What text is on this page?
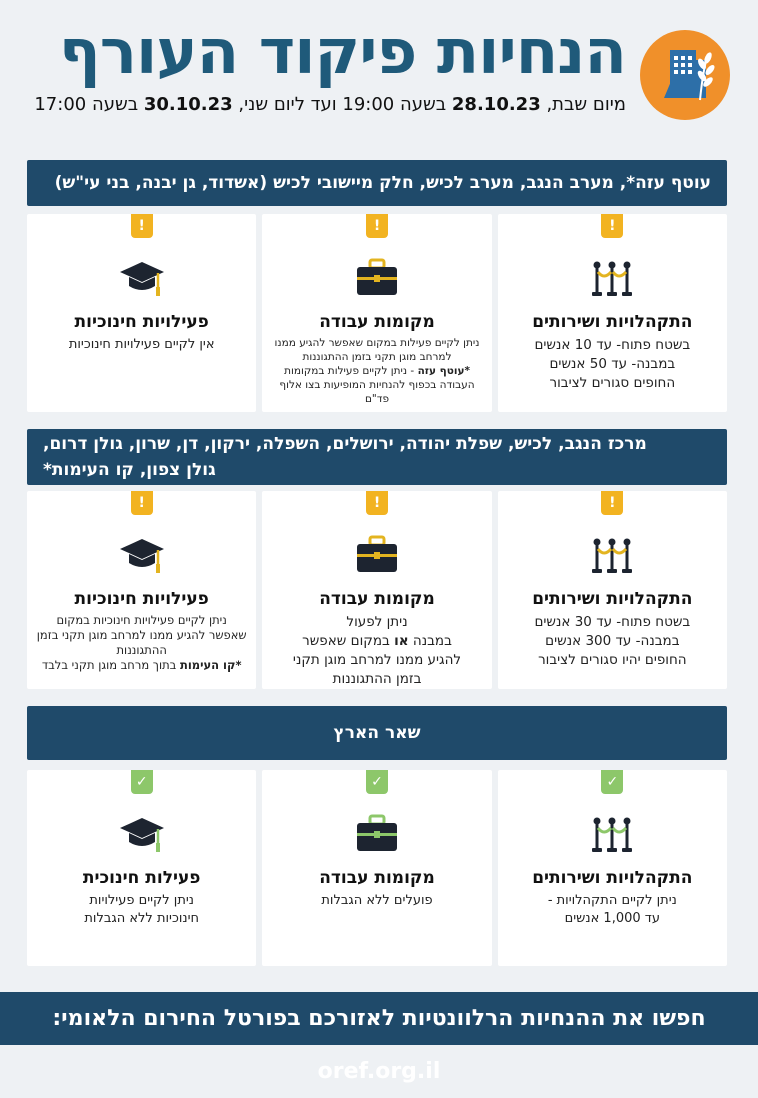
הנחיות פיקוד העורף
מיום שבת, 28.10.23 בשעה 19:00 ועד ליום שני, 30.10.23 בשעה 17:00
עוטף עזה*, מערב הנגב, מערב לכיש, חלק מיישובי לכיש (אשדוד, גן יבנה, בני עי"ש)
!
התקהלויות ושירותים
בשטח פתוח- עד 10 אנשים
במבנה- עד 50 אנשים
החופים סגורים לציבור
!
מקומות עבודה
ניתן לקיים פעילות במקום שאפשר להגיע ממנו
למרחב מוגן תקני בזמן ההתגוננות
*עוטף עזה - ניתן לקיים פעילות במקומות
העבודה בכפוף להנחיות המופיעות בצו אלוף פד"ם
!
פעילויות חינוכיות
אין לקיים פעילויות חינוכיות
מרכז הנגב, לכיש, שפלת יהודה, ירושלים, השפלה, ירקון, דן, שרון, גולן דרום,
גולן צפון, קו העימות*
!
התקהלויות ושירותים
בשטח פתוח- עד 30 אנשים
במבנה- עד 300 אנשים
החופים יהיו סגורים לציבור
!
מקומות עבודה
ניתן לפעול
במבנה או במקום שאפשר
להגיע ממנו למרחב מוגן תקני
בזמן ההתגוננות
!
פעילויות חינוכיות
ניתן לקיים פעילויות חינוכיות במקום
שאפשר להגיע ממנו למרחב מוגן תקני בזמן
ההתגוננות
*קו העימות בתוך מרחב מוגן תקני בלבד
שאר הארץ
✓
התקהלויות ושירותים
ניתן לקיים התקהלויות -
עד 1,000 אנשים
✓
מקומות עבודה
פועלים ללא הגבלות
✓
פעילות חינוכית
ניתן לקיים פעילויות
חינוכיות ללא הגבלות
חפשו את ההנחיות הרלוונטיות לאזורכם בפורטל החירום הלאומי: oref.org.il
